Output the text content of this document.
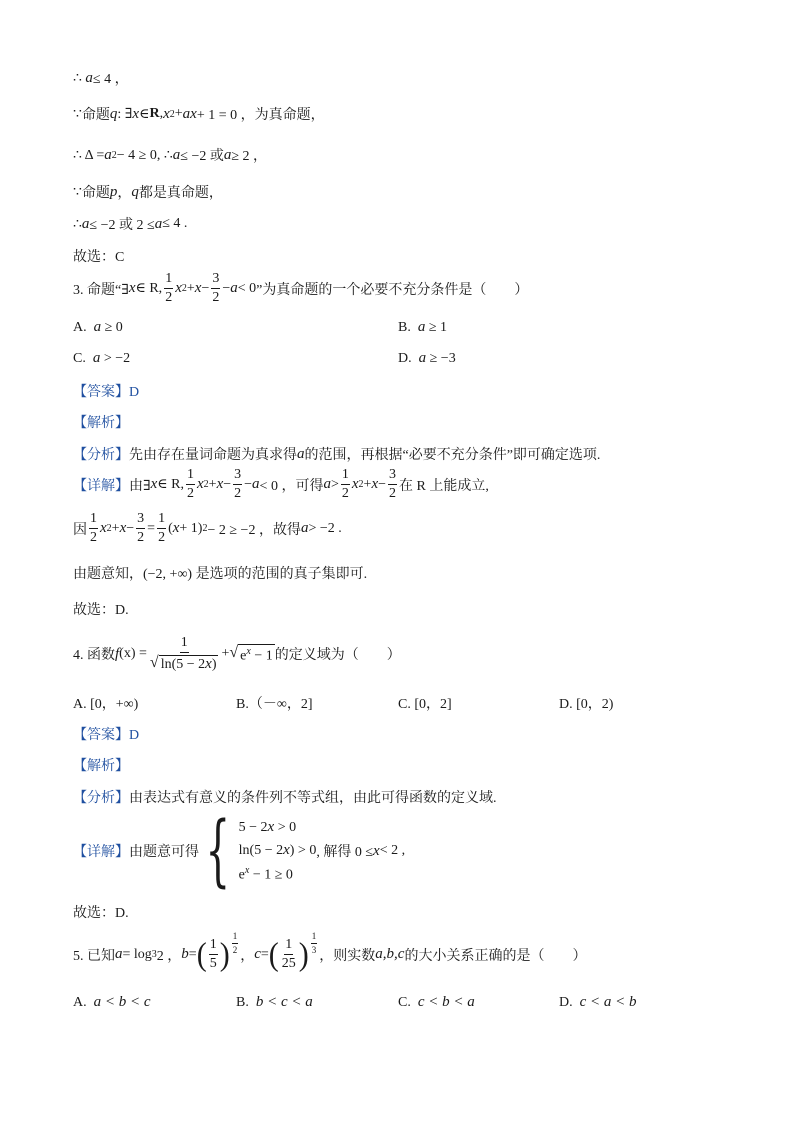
∴
a ≤ 4 ，
∵ 命题 q : ∃ x ∈ R , x 2 + ax + 1 = 0 ，为真命题，
∴ Δ = a 2 − 4 ≥ 0, ∴ a ≤ −2 或 a ≥ 2 ，
∵ 命题 p ， q 都是真命题，
∴ a ≤ −2 或 2 ≤ a ≤ 4 .
故选：C
3. 命题“∃ x ∈ R, $\frac{1}{2}$ x $2 + x - \frac{3}{2} - a < 0$ ”为真命题的一个必要不充分条件是（　　）
A. a ≥ 0	B. a ≥ 1
C. a > −2	D. a ≥ −3
【答案】D
【解析】
【分析】 先由存在量词命题为真求得 a 的范围，再根据“必要不充分条件”即可确定选项.
【详解】 由∃ x ∈ R, $\frac{1}{2}$ x $2 + x - \frac{3}{2} - a < 0$ ，可得 $a > \frac{1}{2}$ x $2 + x - \frac{3}{2}$ 在 R 上能成立,
因 $\frac{1}{2}$ x $2 + x - \frac{3}{2} = \frac{1}{2}$ ( x + 1) 2 − 2 ≥ −2 ，故得 a > −2 .
由题意知，(−2, +∞) 是选项的范围的真子集即可.
故选：D.
4. 函数 f $(x) = \frac{1}{√ \ln(5 - 2x)}$ + √ $e^x - 1$ 的定义域为（　　）
A. [0，+∞)	B.（－∞，2]	C. [0，2]	D. [0，2)
【答案】D
【解析】
【分析】 由表达式有意义的条件列不等式组，由此可得函数的定义域.
【详解】 由题意可得 { 5 − 2x > 0
ln(5 − 2x) > 0
$e^x - 1 \ge 0$
, 解得 0 ≤ x < 2 ,
故选：D.
5. 已知 a = log 3 2 ， b = ( $\frac{1}{5}$ ) $\frac{1}{2}$
， c = ( $\frac{1}{25}$ ) $\frac{1}{3}$
，则实数 a,b,c 的大小关系正确的是（　　）
A. a < b < c	B. b < c < a	C. c < b < a	D. c < a < b
